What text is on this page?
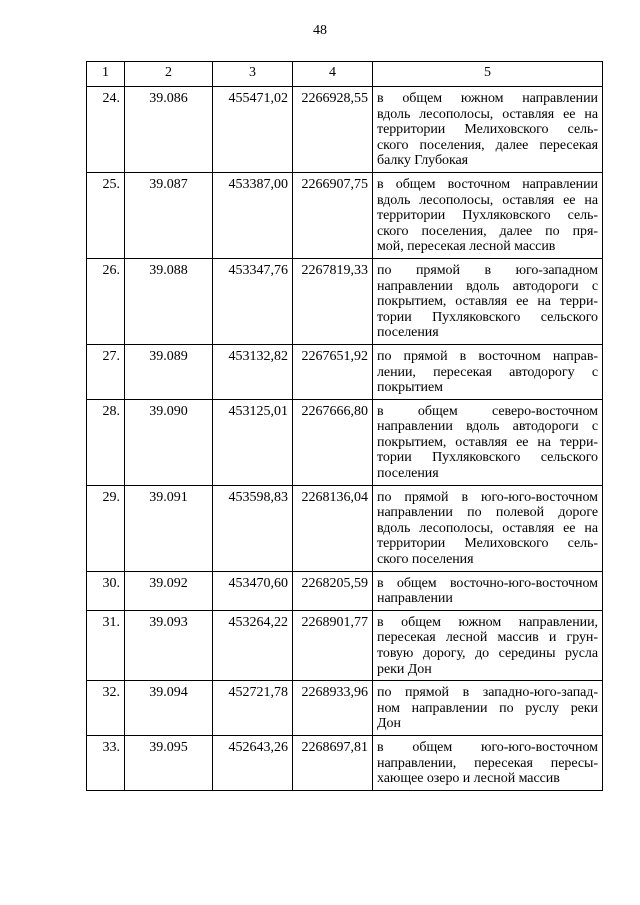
48
1	2	3	4	5
24.	39.086	455471,02	2266928,55	в общем южном направлении
вдоль лесополосы, оставляя ее на
территории Мелиховского сель-
ского поселения, далее пересекая
балку Глубокая

25.	39.087	453387,00	2266907,75	в общем восточном направлении
вдоль лесополосы, оставляя ее на
территории Пухляковского сель-
ского поселения, далее по пря-
мой, пересекая лесной массив

26.	39.088	453347,76	2267819,33	по прямой в юго-западном
направлении вдоль автодороги с
покрытием, оставляя ее на терри-
тории Пухляковского сельского
поселения

27.	39.089	453132,82	2267651,92	по прямой в восточном направ-
лении, пересекая автодорогу с
покрытием

28.	39.090	453125,01	2267666,80	в общем северо-восточном
направлении вдоль автодороги с
покрытием, оставляя ее на терри-
тории Пухляковского сельского
поселения

29.	39.091	453598,83	2268136,04	по прямой в юго-юго-восточном
направлении по полевой дороге
вдоль лесополосы, оставляя ее на
территории Мелиховского сель-
ского поселения

30.	39.092	453470,60	2268205,59	в общем восточно-юго-восточном
направлении

31.	39.093	453264,22	2268901,77	в общем южном направлении,
пересекая лесной массив и грун-
товую дорогу, до середины русла
реки Дон

32.	39.094	452721,78	2268933,96	по прямой в западно-юго-запад-
ном направлении по руслу реки
Дон

33.	39.095	452643,26	2268697,81	в общем юго-юго-восточном
направлении, пересекая пересы-
хающее озеро и лесной массив
